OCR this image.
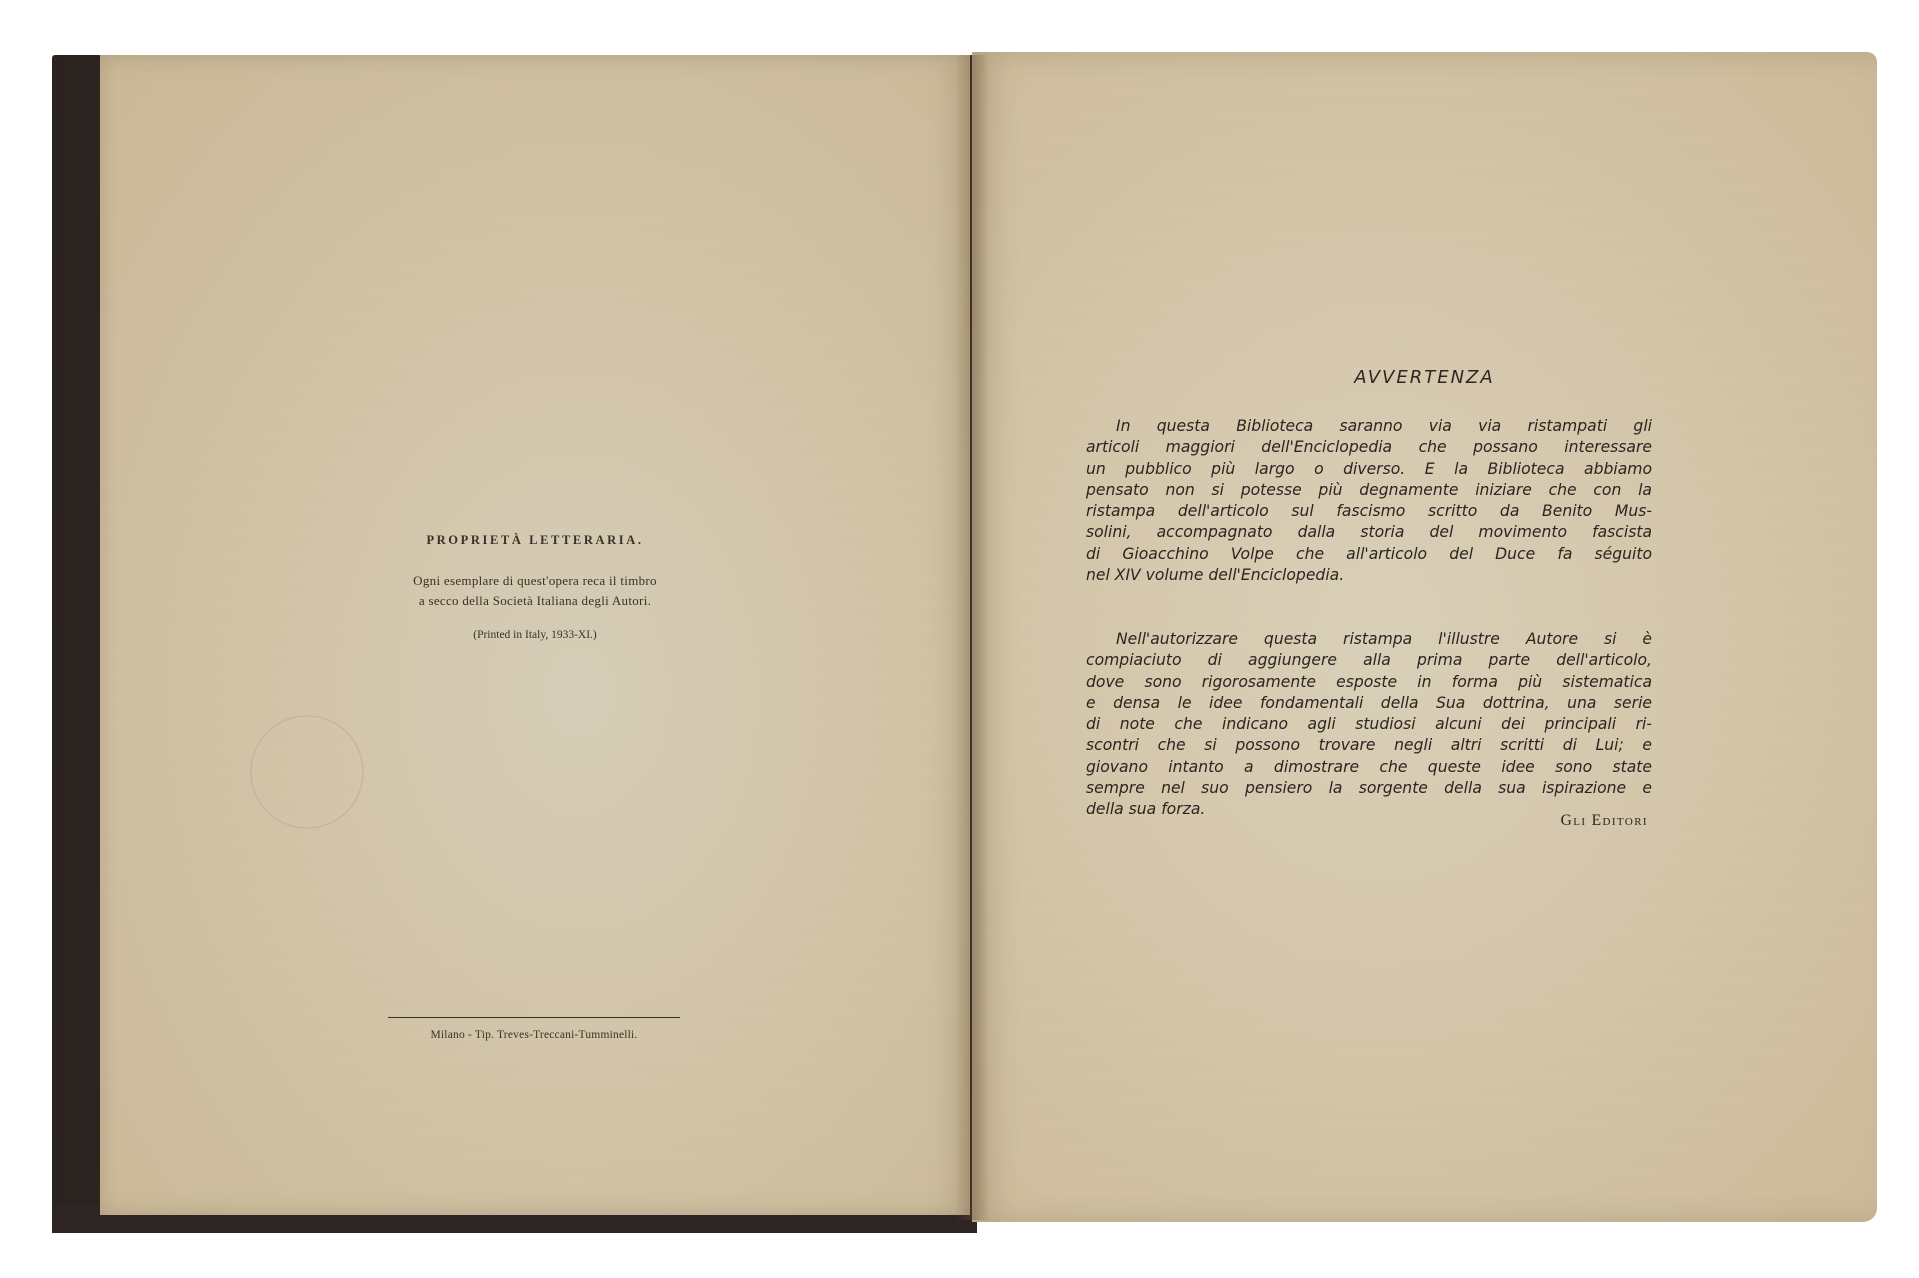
PROPRIETÀ LETTERARIA.
Ogni esemplare di quest'opera reca il timbro
a secco della Società Italiana degli Autori.
(Printed in Italy, 1933-XI.)
Milano - Tip. Treves-Treccani-Tumminelli.
AVVERTENZA
In questa Biblioteca saranno via via ristampati gli
articoli maggiori dell'Enciclopedia che possano interessare
un pubblico più largo o diverso. E la Biblioteca abbiamo
pensato non si potesse più degnamente iniziare che con la
ristampa dell'articolo sul fascismo scritto da Benito Mus-
solini, accompagnato dalla storia del movimento fascista
di Gioacchino Volpe che all'articolo del Duce fa séguito
nel XIV volume dell'Enciclopedia.
Nell'autorizzare questa ristampa l'illustre Autore si è
compiaciuto di aggiungere alla prima parte dell'articolo,
dove sono rigorosamente esposte in forma più sistematica
e densa le idee fondamentali della Sua dottrina, una serie
di note che indicano agli studiosi alcuni dei principali ri-
scontri che si possono trovare negli altri scritti di Lui; e
giovano intanto a dimostrare che queste idee sono state
sempre nel suo pensiero la sorgente della sua ispirazione e
della sua forza.
Gli Editori
